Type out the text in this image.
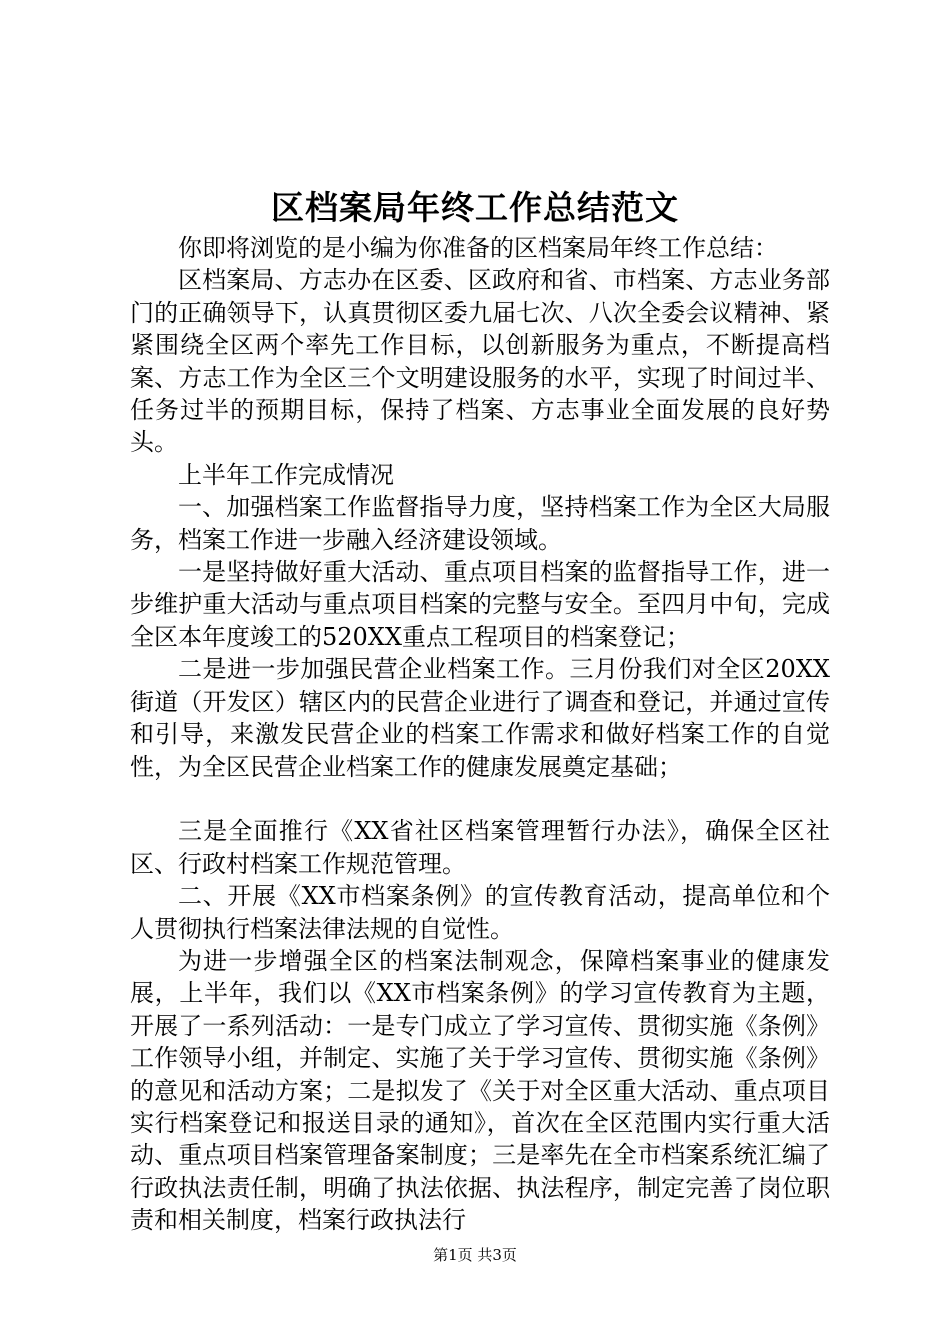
区档案局年终工作总结范文

你即将浏览的是小编为你准备的区档案局年终工作总结：

区档案局、方志办在区委、区政府和省、市档案、方志业务部门的正确领导下，认真贯彻区委九届七次、八次全委会议精神、紧紧围绕全区两个率先工作目标，以创新服务为重点，不断提高档案、方志工作为全区三个文明建设服务的水平，实现了时间过半、任务过半的预期目标，保持了档案、方志事业全面发展的良好势头。

上半年工作完成情况

一、加强档案工作监督指导力度，坚持档案工作为全区大局服务，档案工作进一步融入经济建设领域。

一是坚持做好重大活动、重点项目档案的监督指导工作，进一步维护重大活动与重点项目档案的完整与安全。至四月中旬，完成全区本年度竣工的520XX重点工程项目的档案登记；

二是进一步加强民营企业档案工作。三月份我们对全区20XX街道（开发区）辖区内的民营企业进行了调查和登记，并通过宣传和引导，来激发民营企业的档案工作需求和做好档案工作的自觉性，为全区民营企业档案工作的健康发展奠定基础；

三是全面推行《XX省社区档案管理暂行办法》，确保全区社区、行政村档案工作规范管理。

二、开展《XX市档案条例》的宣传教育活动，提高单位和个人贯彻执行档案法律法规的自觉性。

为进一步增强全区的档案法制观念，保障档案事业的健康发展，上半年，我们以《XX市档案条例》的学习宣传教育为主题，开展了一系列活动：一是专门成立了学习宣传、贯彻实施《条例》工作领导小组，并制定、实施了关于学习宣传、贯彻实施《条例》的意见和活动方案；二是拟发了《关于对全区重大活动、重点项目实行档案登记和报送目录的通知》，首次在全区范围内实行重大活动、重点项目档案管理备案制度；三是率先在全市档案系统汇编了行政执法责任制，明确了执法依据、执法程序，制定完善了岗位职责和相关制度，档案行政执法行

第1页 共3页
